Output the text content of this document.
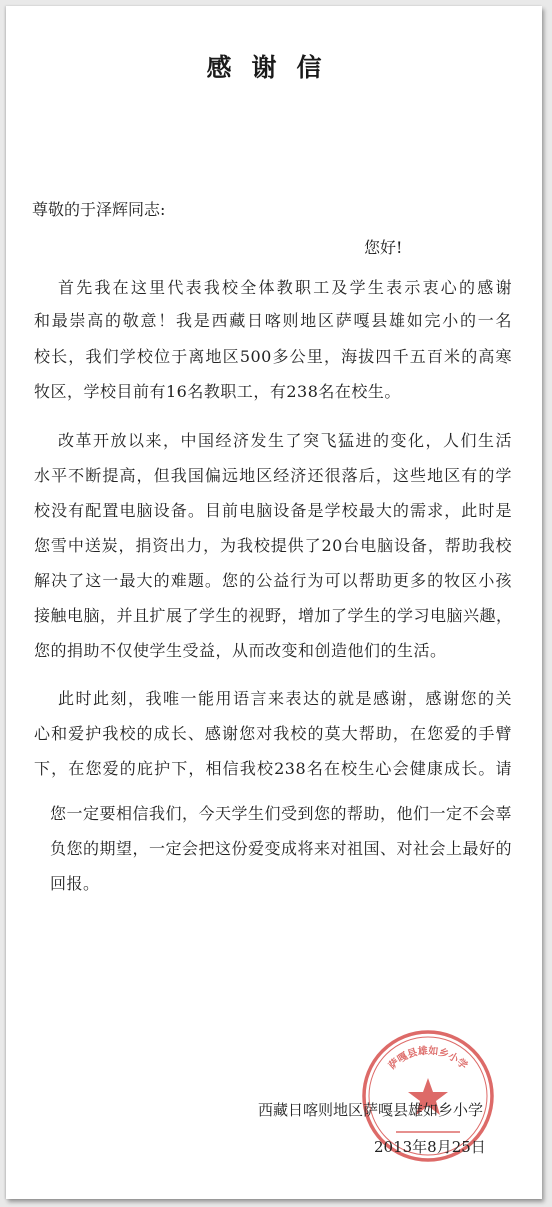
感谢信
尊敬的于泽辉同志:
您好!
首先我在这里代表我校全体教职工及学生表示衷心的感谢
和最崇高的敬意！我是西藏日喀则地区萨嘎县雄如完小的一名
校长，我们学校位于离地区500多公里，海拔四千五百米的高寒
牧区，学校目前有16名教职工，有238名在校生。
改革开放以来，中国经济发生了突飞猛进的变化，人们生活
水平不断提高，但我国偏远地区经济还很落后，这些地区有的学
校没有配置电脑设备。目前电脑设备是学校最大的需求，此时是
您雪中送炭，捐资出力，为我校提供了20台电脑设备，帮助我校
解决了这一最大的难题。您的公益行为可以帮助更多的牧区小孩
接触电脑，并且扩展了学生的视野，增加了学生的学习电脑兴趣，
您的捐助不仅使学生受益，从而改变和创造他们的生活。
此时此刻，我唯一能用语言来表达的就是感谢，感谢您的关
心和爱护我校的成长、感谢您对我校的莫大帮助，在您爱的手臂
下，在您爱的庇护下，相信我校238名在校生心会健康成长。请
您一定要相信我们，今天学生们受到您的帮助，他们一定不会辜
负您的期望，一定会把这份爱变成将来对祖国、对社会上最好的
回报。
萨嘎县雄如乡小学
西藏日喀则地区萨嘎县雄如乡小学
2013年8月25日
